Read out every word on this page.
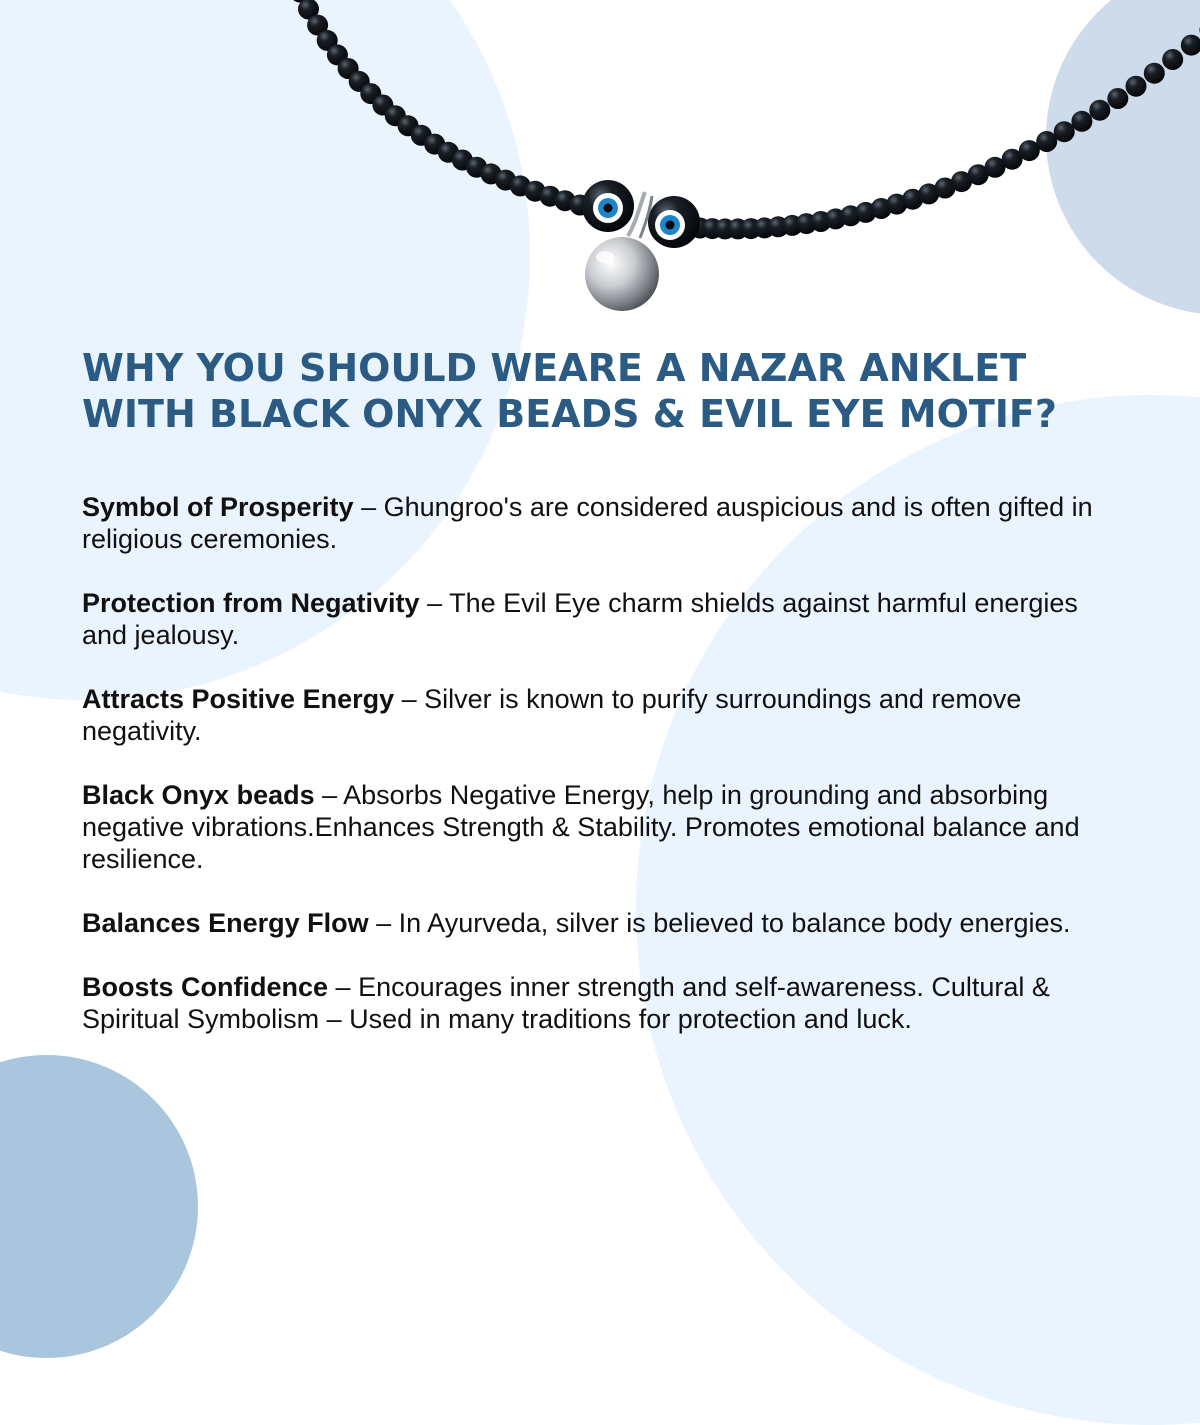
WHY YOU SHOULD WEARE A NAZAR ANKLET
WITH BLACK ONYX BEADS & EVIL EYE MOTIF?
Symbol of Prosperity – Ghungroo's are considered auspicious and is often gifted in religious ceremonies.
Protection from Negativity – The Evil Eye charm shields against harmful energies and jealousy.
Attracts Positive Energy – Silver is known to purify surroundings and remove negativity.
Black Onyx beads – Absorbs Negative Energy, help in grounding and absorbing negative vibrations.Enhances Strength & Stability. Promotes emotional balance and resilience.
Balances Energy Flow – In Ayurveda, silver is believed to balance body energies.
Boosts Confidence – Encourages inner strength and self-awareness. Cultural & Spiritual Symbolism – Used in many traditions for protection and luck.
